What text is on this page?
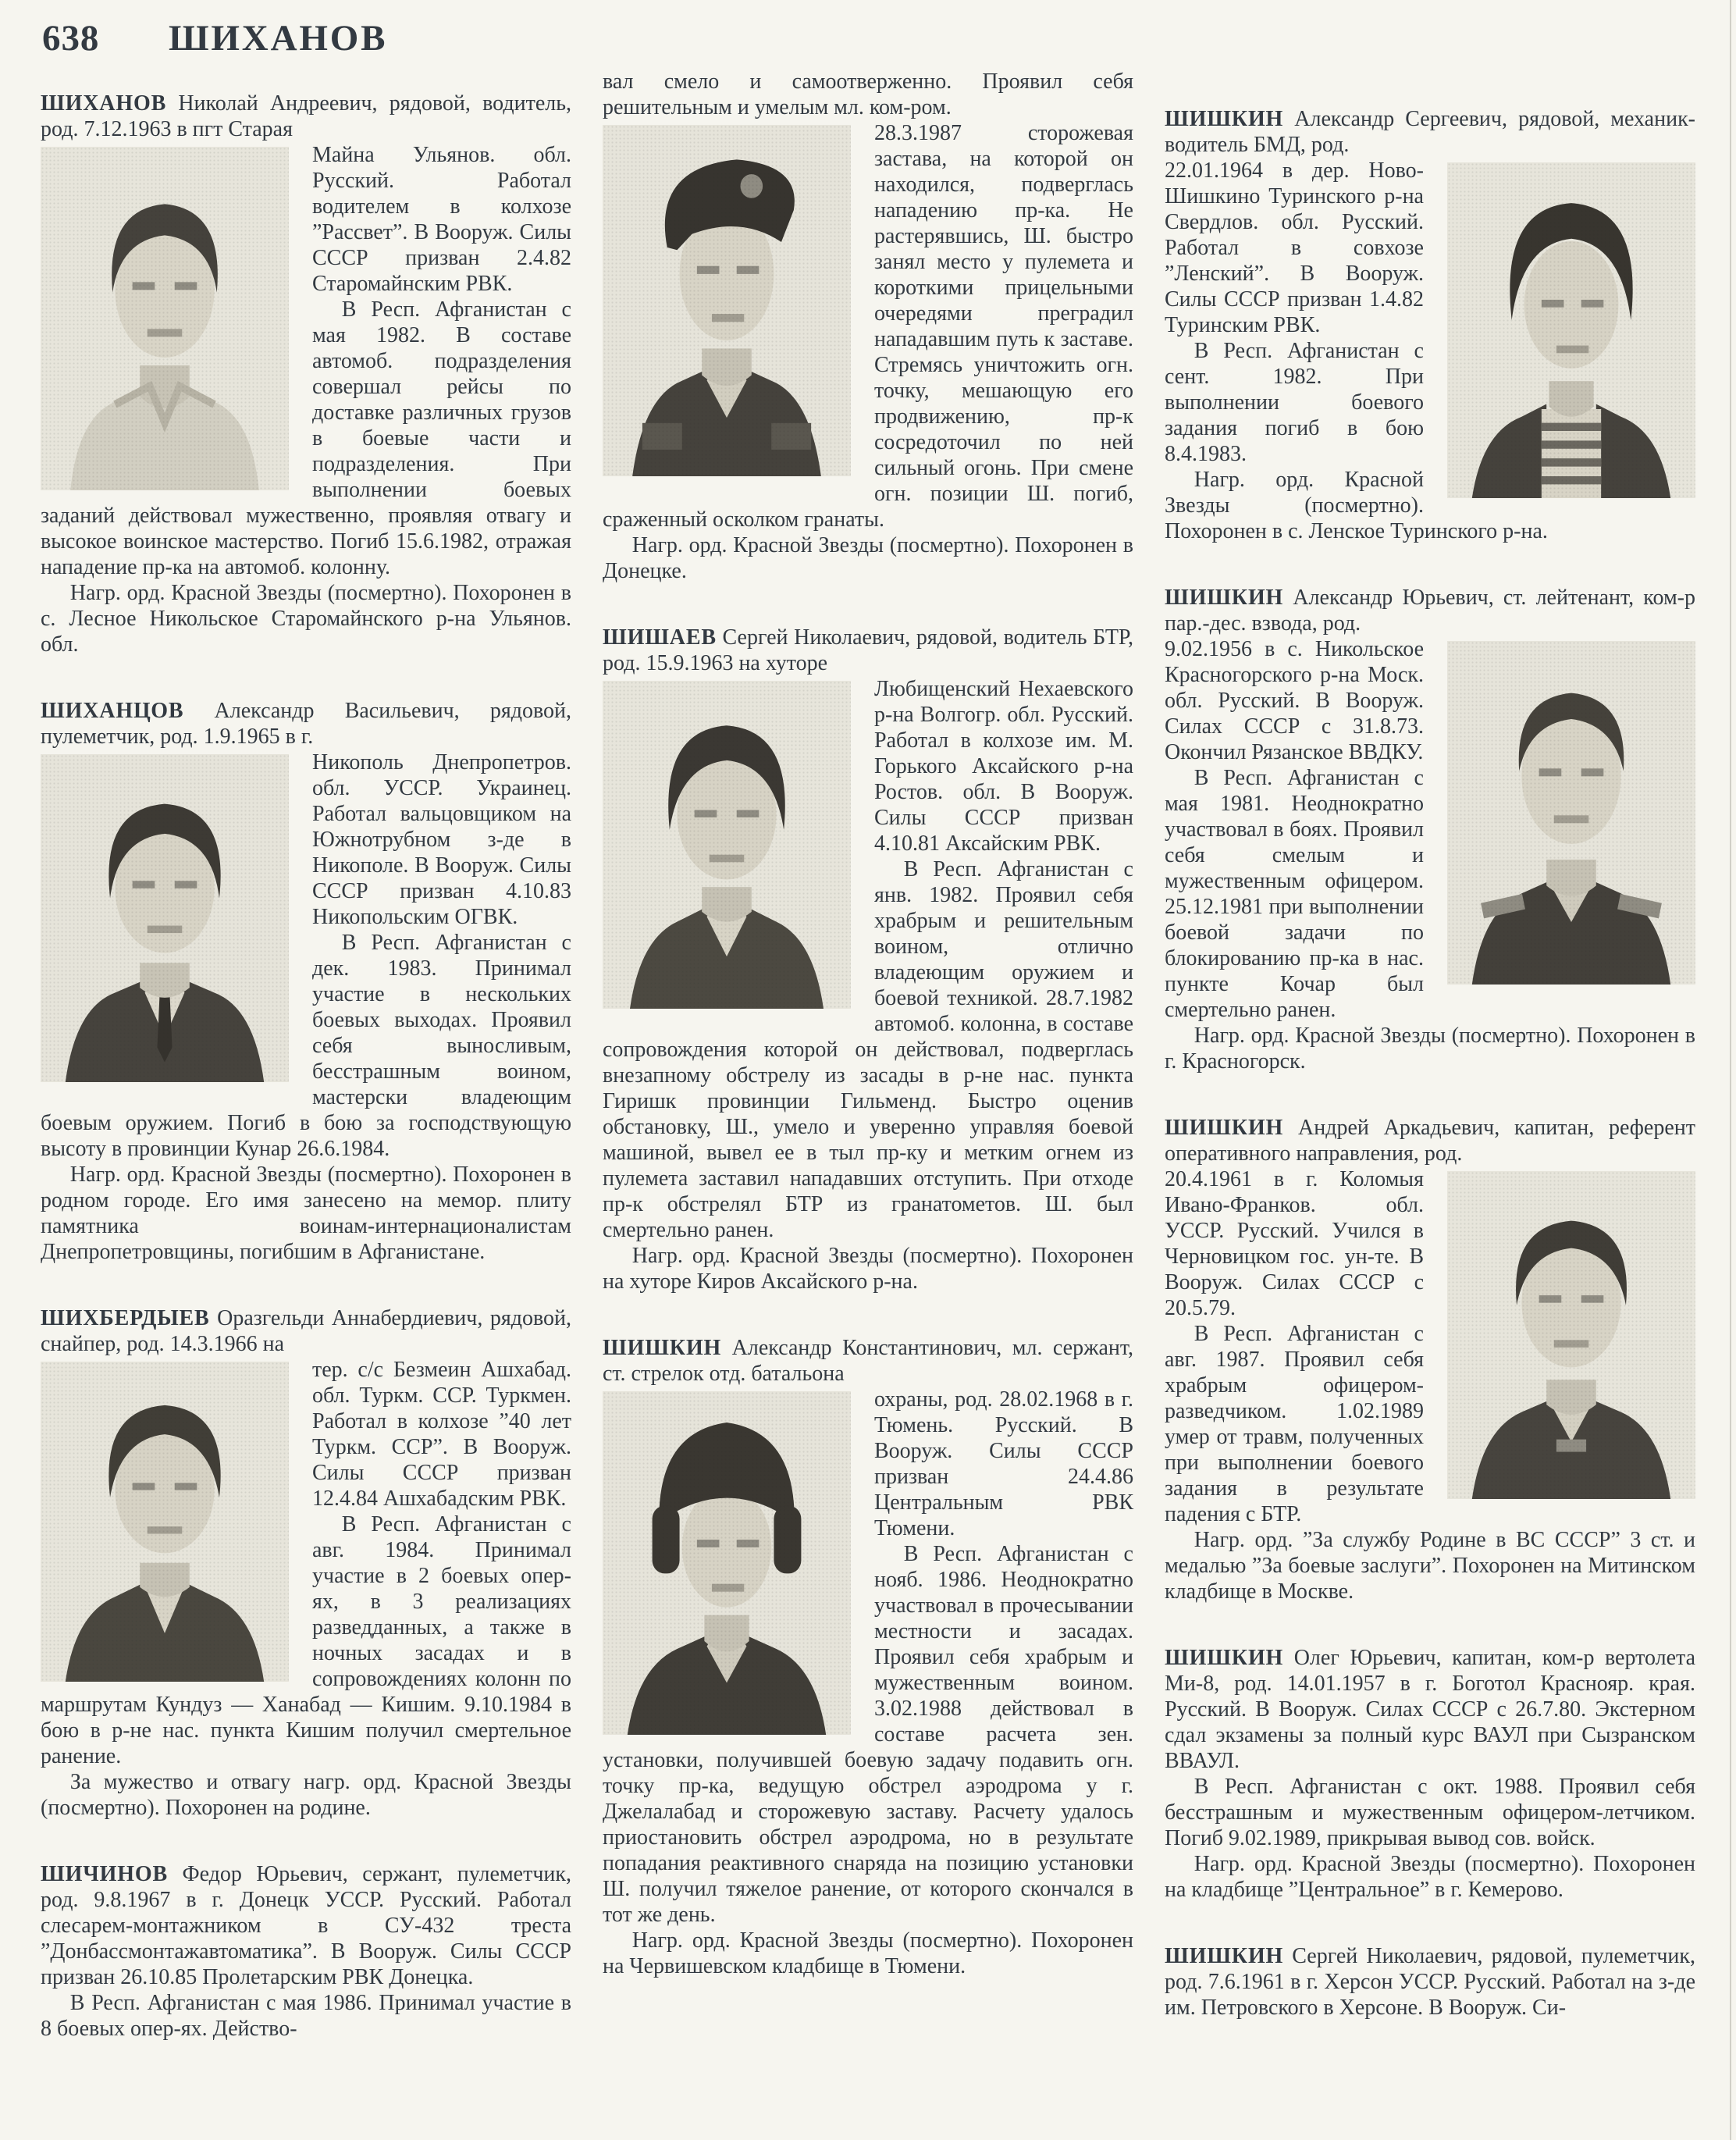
638 ШИХАНОВ

ШИХАНОВ Николай Андреевич, рядовой, водитель, род. 7.12.1963 в пгт Старая

Майна Ульянов. обл. Русский. Работал водителем в колхозе ”Рассвет”. В Вооруж. Силы СССР призван 2.4.82 Старомайнским РВК.

В Респ. Афганистан с мая 1982. В составе автомоб. подразделения совершал рейсы по доставке различных грузов в боевые части и подразделения. При выполнении боевых заданий действовал мужественно, проявляя отвагу и высокое воинское мастерство. Погиб 15.6.1982, отражая нападение пр-ка на автомоб. колонну.

Нагр. орд. Красной Звезды (посмертно). Похоронен в с. Лесное Никольское Старомайнского р-на Ульянов. обл.

ШИХАНЦОВ Александр Васильевич, рядовой, пулеметчик, род. 1.9.1965 в г.

Никополь Днепропетров. обл. УССР. Украинец. Работал вальцовщиком на Южнотрубном з-де в Никополе. В Вооруж. Силы СССР призван 4.10.83 Никопольским ОГВК.

В Респ. Афганистан с дек. 1983. Принимал участие в нескольких боевых выходах. Проявил себя выносливым, бесстрашным воином, мастерски владеющим боевым оружием. Погиб в бою за господствующую высоту в провинции Кунар 26.6.1984.

Нагр. орд. Красной Звезды (посмертно). Похоронен в родном городе. Его имя занесено на мемор. плиту памятника воинам-интернационалистам Днепропетровщины, погибшим в Афганистане.

ШИХБЕРДЫЕВ Оразгельди Аннабердиевич, рядовой, снайпер, род. 14.3.1966 на

тер. с/с Безмеин Ашхабад. обл. Туркм. ССР. Туркмен. Работал в колхозе ”40 лет Туркм. ССР”. В Вооруж. Силы СССР призван 12.4.84 Ашхабадским РВК.

В Респ. Афганистан с авг. 1984. Принимал участие в 2 боевых опер-ях, в 3 реализациях разведданных, а также в ночных засадах и в сопровождениях колонн по маршрутам Кундуз — Ханабад — Кишим. 9.10.1984 в бою в р-не нас. пункта Кишим получил смертельное ранение.

За мужество и отвагу нагр. орд. Красной Звезды (посмертно). Похоронен на родине.

ШИЧИНОВ Федор Юрьевич, сержант, пулеметчик, род. 9.8.1967 в г. Донецк УССР. Русский. Работал слесарем-монтажником в СУ-432 треста ”Донбассмонтажавтоматика”. В Вооруж. Силы СССР призван 26.10.85 Пролетарским РВК Донецка.

В Респ. Афганистан с мая 1986. Принимал участие в 8 боевых опер-ях. Действо-

вал смело и самоотверженно. Проявил себя решительным и умелым мл. ком-ром.

28.3.1987 сторожевая застава, на которой он находился, подверглась нападению пр-ка. Не растерявшись, Ш. быстро занял место у пулемета и короткими прицельными очередями преградил нападавшим путь к заставе. Стремясь уничтожить огн. точку, мешающую его продвижению, пр-к сосредоточил по ней сильный огонь. При смене огн. позиции Ш. погиб, сраженный осколком гранаты.

Нагр. орд. Красной Звезды (посмертно). Похоронен в Донецке.

ШИШАЕВ Сергей Николаевич, рядовой, водитель БТР, род. 15.9.1963 на хуторе

Любищенский Нехаевского р-на Волгогр. обл. Русский. Работал в колхозе им. М. Горького Аксайского р-на Ростов. обл. В Вооруж. Силы СССР призван 4.10.81 Аксайским РВК.

В Респ. Афганистан с янв. 1982. Проявил себя храбрым и решительным воином, отлично владеющим оружием и боевой техникой. 28.7.1982 автомоб. колонна, в составе сопровождения которой он действовал, подверглась внезапному обстрелу из засады в р-не нас. пункта Гиришк провинции Гильменд. Быстро оценив обстановку, Ш., умело и уверенно управляя боевой машиной, вывел ее в тыл пр-ку и метким огнем из пулемета заставил нападавших отступить. При отходе пр-к обстрелял БТР из гранатометов. Ш. был смертельно ранен.

Нагр. орд. Красной Звезды (посмертно). Похоронен на хуторе Киров Аксайского р-на.

ШИШКИН Александр Константинович, мл. сержант, ст. стрелок отд. батальона

охраны, род. 28.02.1968 в г. Тюмень. Русский. В Вооруж. Силы СССР призван 24.4.86 Центральным РВК Тюмени.

В Респ. Афганистан с нояб. 1986. Неоднократно участвовал в прочесывании местности и засадах. Проявил себя храбрым и мужественным воином. 3.02.1988 действовал в составе расчета зен. установки, получившей боевую задачу подавить огн. точку пр-ка, ведущую обстрел аэродрома у г. Джелалабад и сторожевую заставу. Расчету удалось приостановить обстрел аэродрома, но в результате попадания реактивного снаряда на позицию установки Ш. получил тяжелое ранение, от которого скончался в тот же день.

Нагр. орд. Красной Звезды (посмертно). Похоронен на Червишевском кладбище в Тюмени.

ШИШКИН Александр Сергеевич, рядовой, механик-водитель БМД, род.

22.01.1964 в дер. Ново-Шишкино Туринского р-на Свердлов. обл. Русский. Работал в совхозе ”Ленский”. В Вооруж. Силы СССР призван 1.4.82 Туринским РВК.

В Респ. Афганистан с сент. 1982. При выполнении боевого задания погиб в бою 8.4.1983.

Нагр. орд. Красной Звезды (посмертно). Похоронен в с. Ленское Туринского р-на.

ШИШКИН Александр Юрьевич, ст. лейтенант, ком-р пар.-дес. взвода, род.

9.02.1956 в с. Никольское Красногорского р-на Моск. обл. Русский. В Вооруж. Силах СССР с 31.8.73. Окончил Рязанское ВВДКУ.

В Респ. Афганистан с мая 1981. Неоднократно участвовал в боях. Проявил себя смелым и мужественным офицером. 25.12.1981 при выполнении боевой задачи по блокированию пр-ка в нас. пункте Кочар был смертельно ранен.

Нагр. орд. Красной Звезды (посмертно). Похоронен в г. Красногорск.

ШИШКИН Андрей Аркадьевич, капитан, референт оперативного направления, род.

20.4.1961 в г. Коломыя Ивано-Франков. обл. УССР. Русский. Учился в Черновицком гос. ун-те. В Вооруж. Силах СССР с 20.5.79.

В Респ. Афганистан с авг. 1987. Проявил себя храбрым офицером-разведчиком. 1.02.1989 умер от травм, полученных при выполнении боевого задания в результате падения с БТР.

Нагр. орд. ”За службу Родине в ВС СССР” 3 ст. и медалью ”За боевые заслуги”. Похоронен на Митинском кладбище в Москве.

ШИШКИН Олег Юрьевич, капитан, ком-р вертолета Ми-8, род. 14.01.1957 в г. Боготол Краснояр. края. Русский. В Вооруж. Силах СССР с 26.7.80. Экстерном сдал экзамены за полный курс ВАУЛ при Сызранском ВВАУЛ.

В Респ. Афганистан с окт. 1988. Проявил себя бесстрашным и мужественным офицером-летчиком. Погиб 9.02.1989, прикрывая вывод сов. войск.

Нагр. орд. Красной Звезды (посмертно). Похоронен на кладбище ”Центральное” в г. Кемерово.

ШИШКИН Сергей Николаевич, рядовой, пулеметчик, род. 7.6.1961 в г. Херсон УССР. Русский. Работал на з-де им. Петровского в Херсоне. В Вооруж. Си-
